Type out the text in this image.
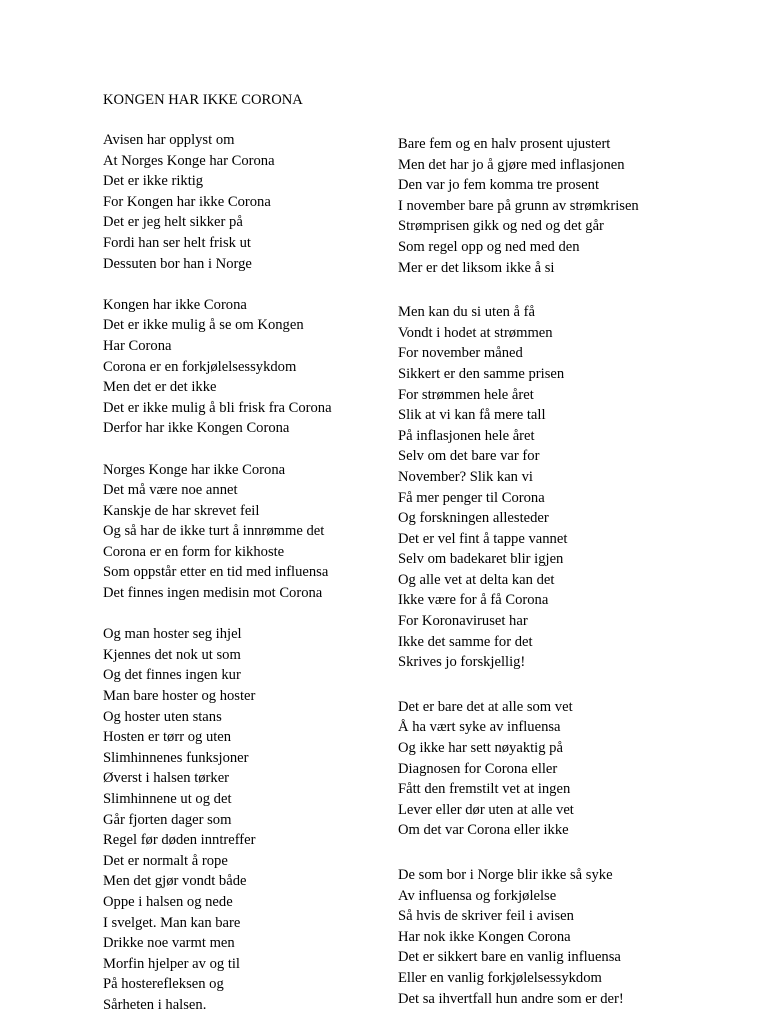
KONGEN HAR IKKE CORONA
Avisen har opplyst om
At Norges Konge har Corona
Det er ikke riktig
For Kongen har ikke Corona
Det er jeg helt sikker på
Fordi han ser helt frisk ut
Dessuten bor han i Norge
Kongen har ikke Corona
Det er ikke mulig å se om Kongen
Har Corona
Corona er en forkjølelsessykdom
Men det er det ikke
Det er ikke mulig å bli frisk fra Corona
Derfor har ikke Kongen Corona
Norges Konge har ikke Corona
Det må være noe annet
Kanskje de har skrevet feil
Og så har de ikke turt å innrømme det
Corona er en form for kikhoste
Som oppstår etter en tid med influensa
Det finnes ingen medisin mot Corona
Og man hoster seg ihjel
Kjennes det nok ut som
Og det finnes ingen kur
Man bare hoster og hoster
Og hoster uten stans
Hosten er tørr og uten
Slimhinnenes funksjoner
Øverst i halsen tørker
Slimhinnene ut og det
Går fjorten dager som
Regel før døden inntreffer
Det er normalt å rope
Men det gjør vondt både
Oppe i halsen og nede
I svelget. Man kan bare
Drikke noe varmt men
Morfin hjelper av og til
På hosterefleksen og
Sårheten i halsen.
Bare fem og en halv prosent ujustert
Men det har jo å gjøre med inflasjonen
Den var jo fem komma tre prosent
I november bare på grunn av strømkrisen
Strømprisen gikk og ned og det går
Som regel opp og ned med den
Mer er det liksom ikke å si
Men kan du si uten å få
Vondt i hodet at strømmen
For november måned
Sikkert er den samme prisen
For strømmen hele året
Slik at vi kan få mere tall
På inflasjonen hele året
Selv om det bare var for
November? Slik kan vi
Få mer penger til Corona
Og forskningen allesteder
Det er vel fint å tappe vannet
Selv om badekaret blir igjen
Og alle vet at delta kan det
Ikke være for å få Corona
For Koronaviruset har
Ikke det samme for det
Skrives jo forskjellig!
Det er bare det at alle som vet
Å ha vært syke av influensa
Og ikke har sett nøyaktig på
Diagnosen for Corona eller
Fått den fremstilt vet at ingen
Lever eller dør uten at alle vet
Om det var Corona eller ikke
De som bor i Norge blir ikke så syke
Av influensa og forkjølelse
Så hvis de skriver feil i avisen
Har nok ikke Kongen Corona
Det er sikkert bare en vanlig influensa
Eller en vanlig forkjølelsessykdom
Det sa ihvertfall hun andre som er der!
